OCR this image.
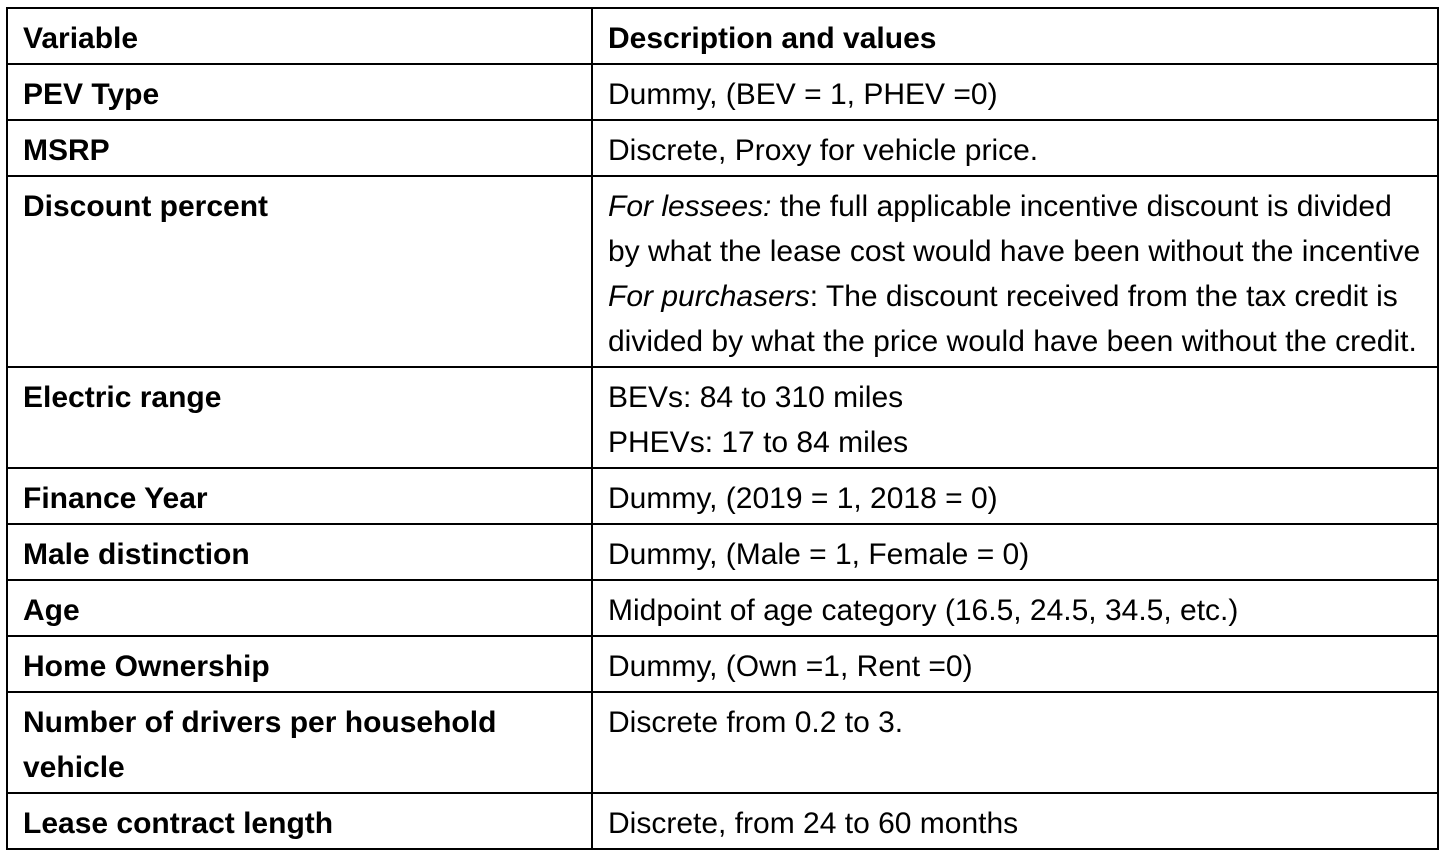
Variable	Description and values
PEV Type	Dummy, (BEV = 1, PHEV =0)

MSRP	Discrete, Proxy for vehicle price.

Discount percent	For lessees: the full applicable incentive discount is divided by what the lease cost would have been without the incentive
For purchasers: The discount received from the tax credit is divided by what the price would have been without the credit.

Electric range	BEVs: 84 to 310 miles
PHEVs: 17 to 84 miles

Finance Year	Dummy, (2019 = 1, 2018 = 0)

Male distinction	Dummy, (Male = 1, Female = 0)

Age	Midpoint of age category (16.5, 24.5, 34.5, etc.)

Home Ownership	Dummy, (Own =1, Rent =0)

Number of drivers per household vehicle	Discrete from 0.2 to 3.

Lease contract length	Discrete, from 24 to 60 months
